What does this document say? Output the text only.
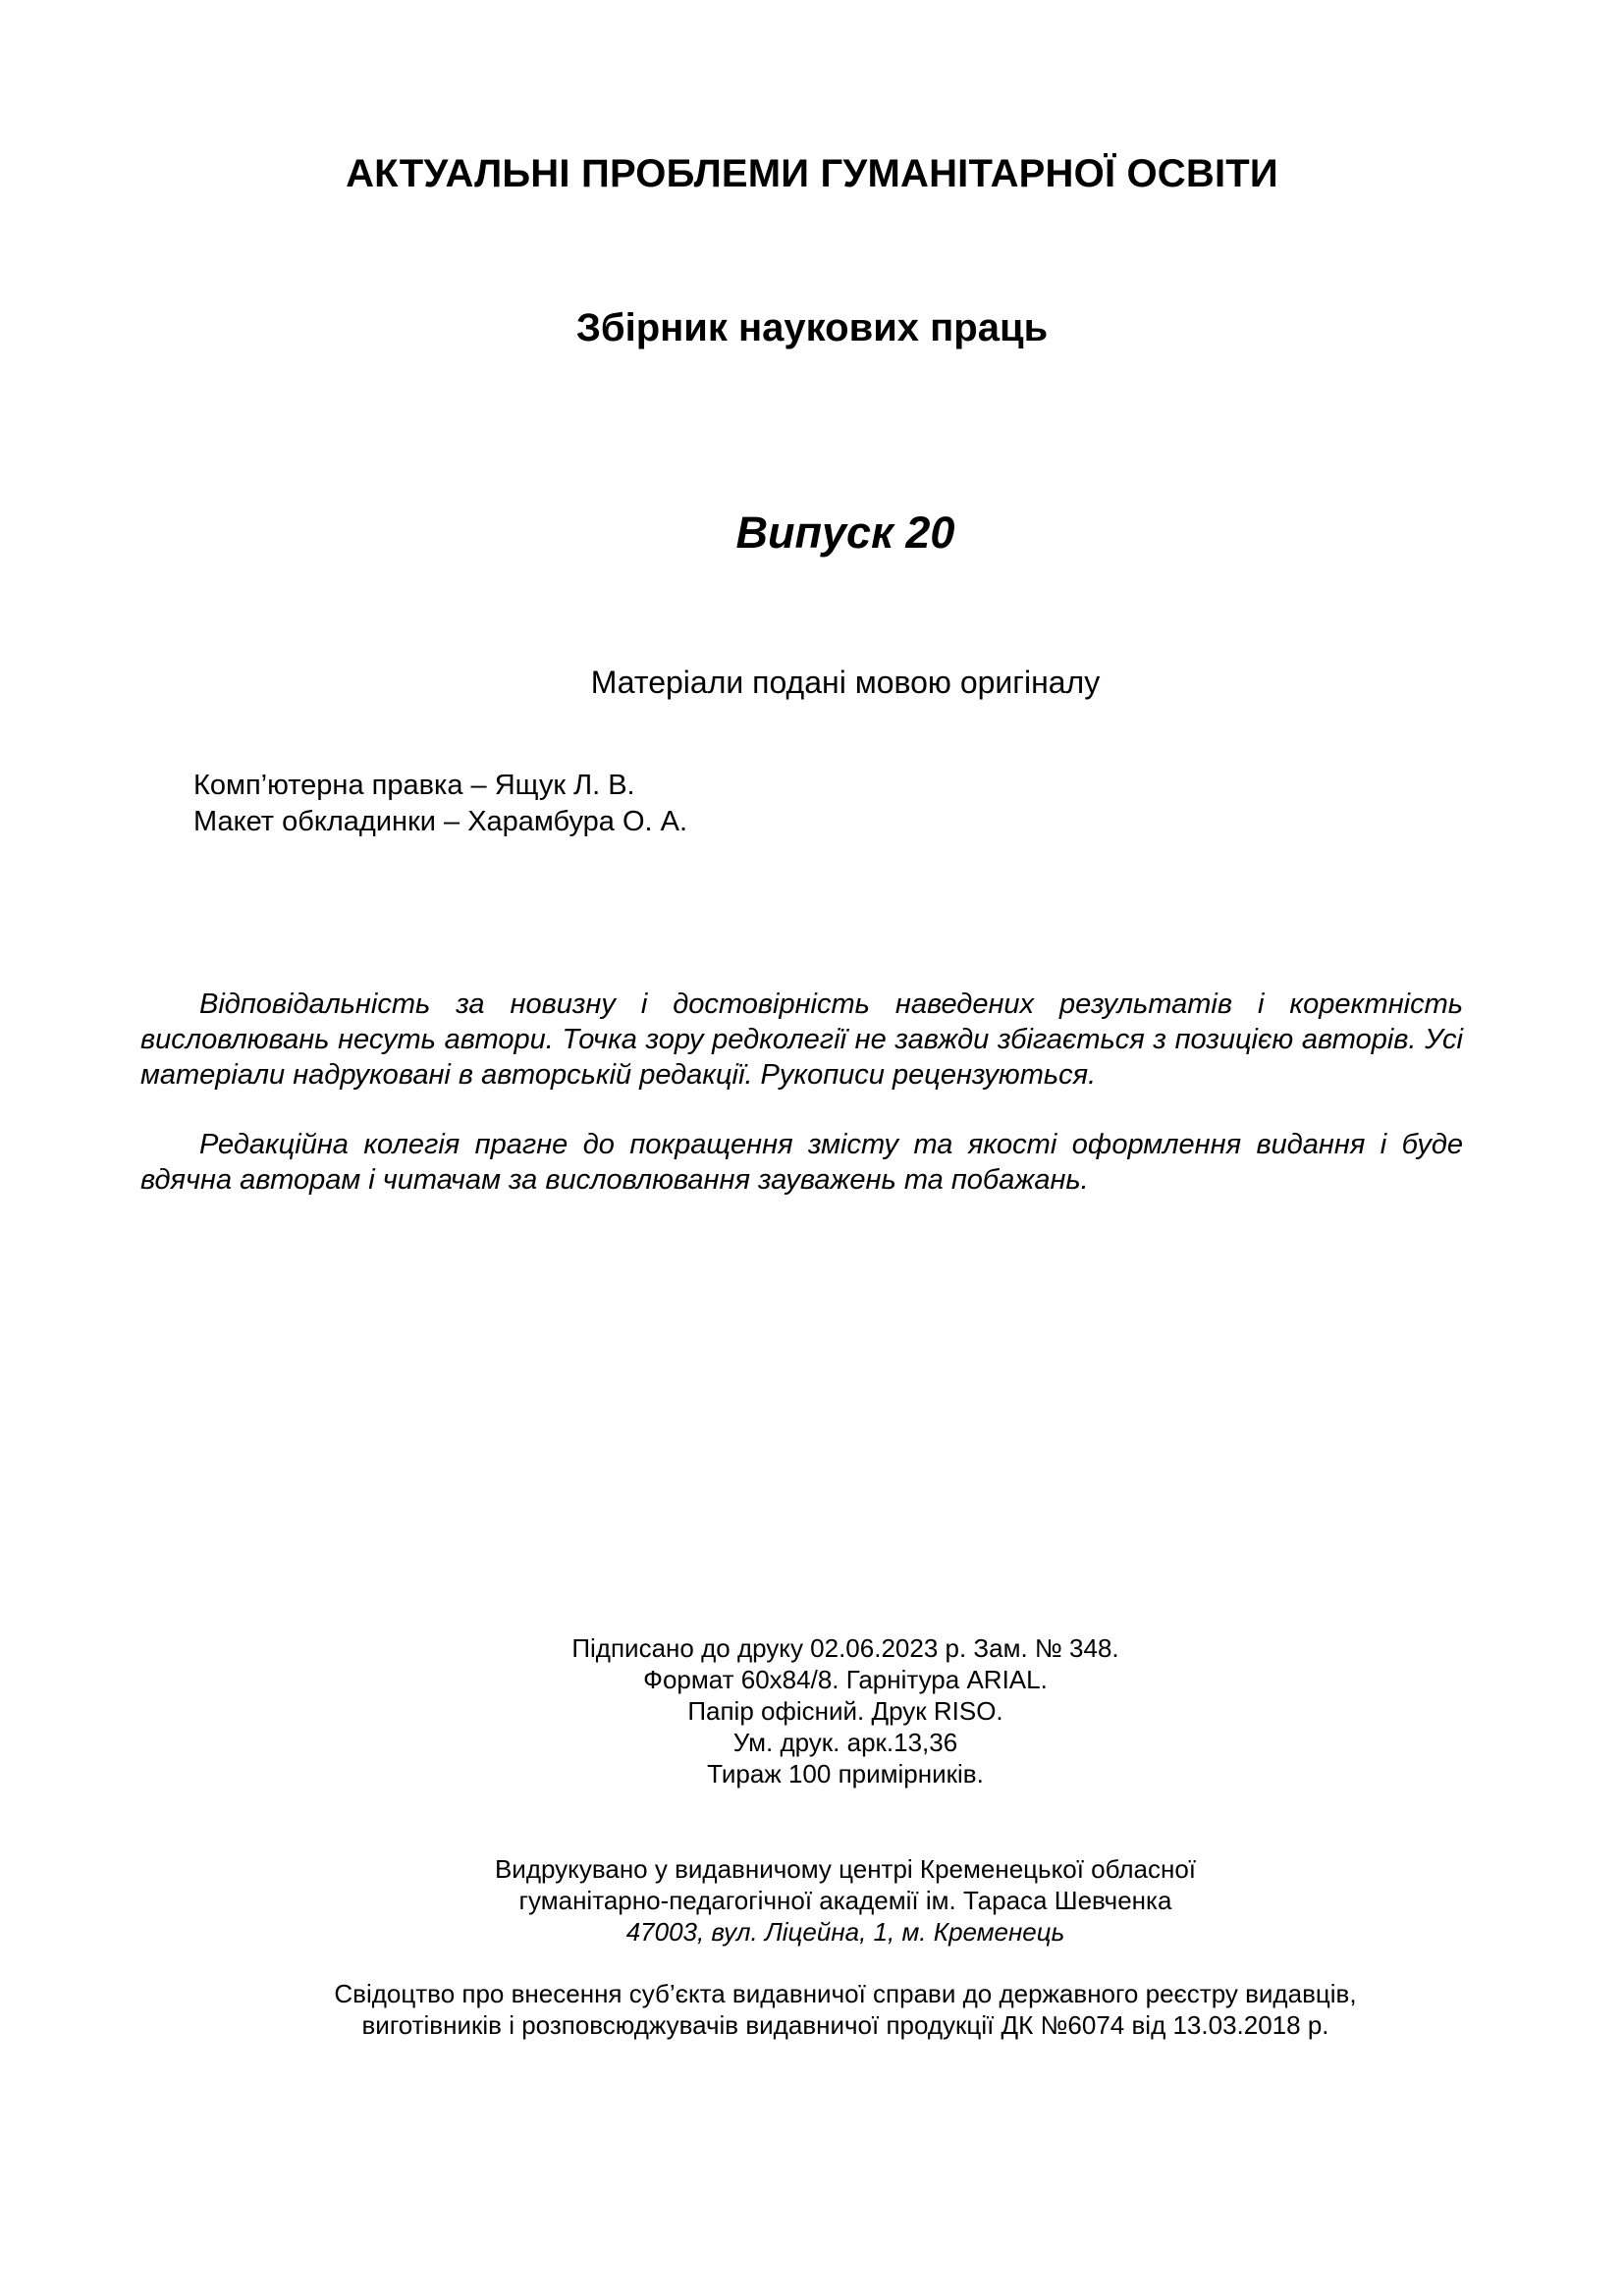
АКТУАЛЬНІ ПРОБЛЕМИ ГУМАНІТАРНОЇ ОСВІТИ
Збірник наукових праць
Випуск 20
Матеріали подані мовою оригіналу
Комп’ютерна правка – Ящук Л. В.
Макет обкладинки – Харамбура О. А.

Відповідальність за новизну і достовірність наведених результатів і коректність висловлювань несуть автори. Точка зору редколегії не завжди збігається з позицією авторів. Усі матеріали надруковані в авторській редакції. Рукописи рецензуються.

Редакційна колегія прагне до покращення змісту та якості оформлення видання і буде вдячна авторам і читачам за висловлювання зауважень та побажань.

Підписано до друку 02.06.2023 р. Зам. № 348.
Формат 60х84/8. Гарнітура ARIAL.
Папір офісний. Друк RISO.
Ум. друк. арк.13,36
Тираж 100 примірників.
Видрукувано у видавничому центрі Кременецької обласної
гуманітарно-педагогічної академії ім. Тараса Шевченка
47003, вул. Ліцейна, 1, м. Кременець
Свідоцтво про внесення суб’єкта видавничої справи до державного реєстру видавців,
виготівників і розповсюджувачів видавничої продукції ДК №6074 від 13.03.2018 р.
